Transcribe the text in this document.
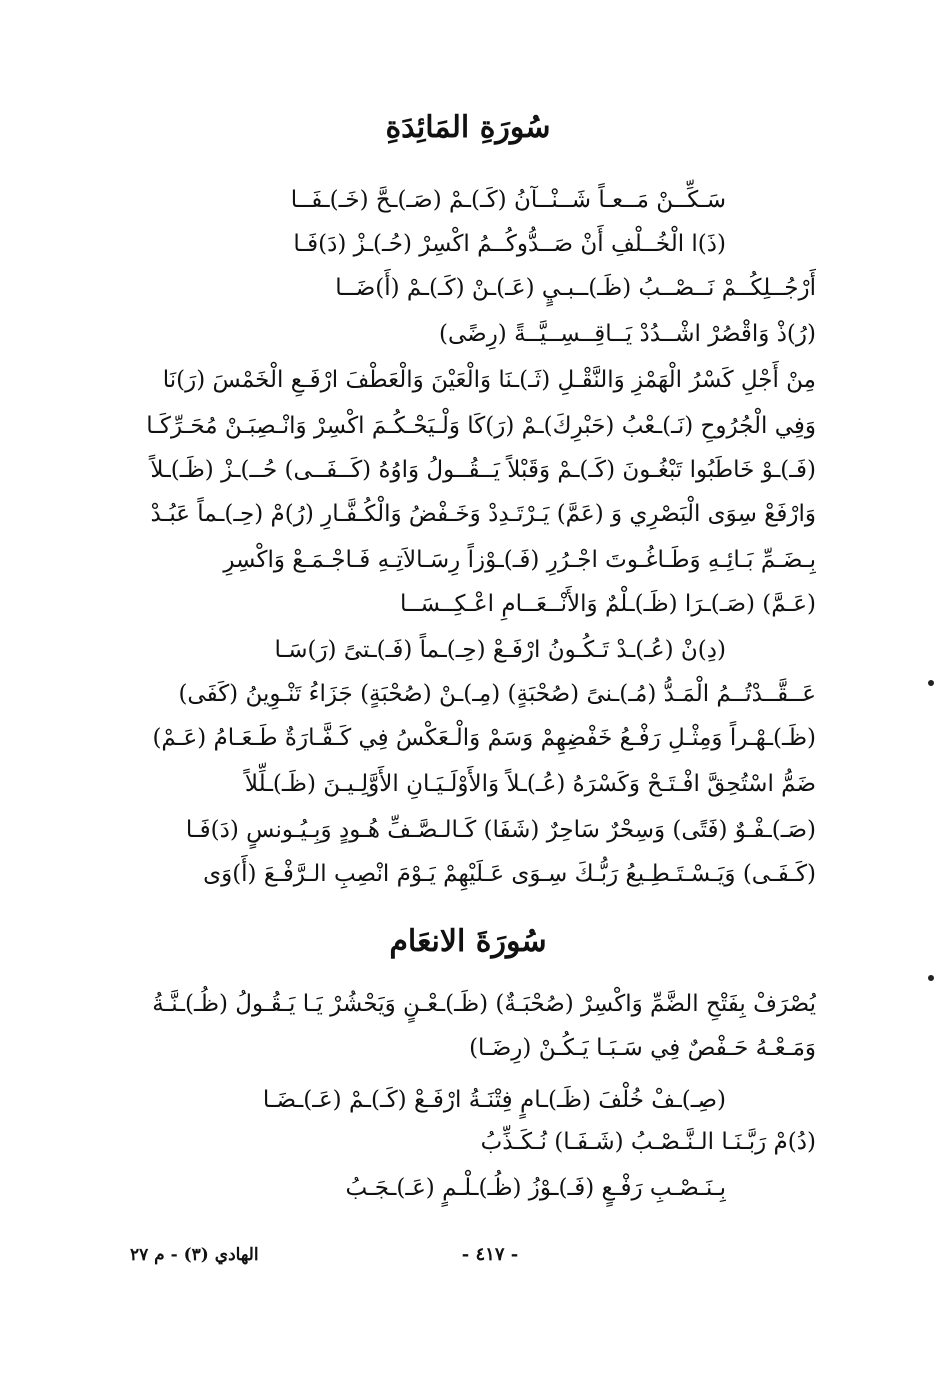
سُورَةِ المَائِدَةِ
سَـكِّــنْ مَــعـاً شَــنْــآنُ (كَـ)ـمْ (صَـ)ـحَّ (خَـ)ـفَــا
(ذَ)ا الْخُــلْفِ أَنْ صَــدُّوكُــمُ اكْسِرْ (حُـ)ـزْ (دَ)فَـا
أَرْجُــلِكُــمْ نَــصْــبُ (ظَـ)ــبـيٍ (عَـ)ـنْ (كَـ)ـمْ (أَ)ضَــا
(رُ)ذْ وَاقْصُرْ اشْــدُدْ يَــاقِــسِــيَّــةً (رِضًى)
مِنْ أَجْلِ كَسْرُ الْهَمْزِ وَالنَّقْـلِ (ثَـ)ـنَا وَالْعَيْنَ وَالْعَطْفَ ارْفَـعِ الْخَمْسَ (رَ)نَا
وَفِي الْجُرُوحِ (نَـ)ـعْبُ (حَبْرِكَ)ـمْ (رَ)كَا وَلْـيَحْـكُـمَ اكْسِرْ وَانْـصِبَـنْ مُحَـرِّكَـا
(فَـ)ـوْ خَاطَبُوا تَبْغُـونَ (كَـ)ـمْ وَقَبْلاً يَــقُــولُ وَاوُهُ (كَــفَــى) حُــ)ـزْ (ظَـ)ـلاً
وَارْفَعْ سِوَى الْبَصْرِي وَ (عَمَّ) يَـرْتَـدِدْ وَخَـفْضُ وَالْكُـفَّـارِ (رُ)مْ (حِـ)ـماً عَبُـدْ
بِـضَـمِّ بَـائِـهِ وَطَـاغُـوتَ اجْـرُرِ (فَـ)ـوْزاً رِسَـالاَتِـهِ فَـاجْـمَـعْ وَاكْسِرِ
(عَـمَّ) (صَـ)ـرَا (ظَـ)ـلْمٌ وَالأَنْــعَــامِ اعْـكِــسَــا
(دِ)نْ (عُـ)ـدْ تَـكُـونُ ارْفَـعْ (حِـ)ـماً (فَـ)ـتىً (رَ)سَـا
عَــقَّــدْتُــمُ الْمَـدُّ (مُـ)ـنىً (صُحْبَةٍ) (مِـ)ـنْ (صُحْبَةٍ) جَزَاءُ تَنْـوِينُ (كَفَى)
(ظَـ)ـهْـراً وَمِثْـلِ رَفْـعُ خَفْضِهِمْ وَسَمْ وَالْـعَكْسُ فِي كَـفَّـارَةٌ طَـعَـامُ (عَـمْ)
ضَمُّ اسْتُحِقَّ افْـتَـحْ وَكَسْرَهُ (عُـ)ـلاً وَالأَوْلَـيَـانِ الأَوَّلِـيـنَ (ظَـ)ـلِّلاً
(صَـ)ـفْـوٌ (فَتًى) وَسِحْرٌ سَاحِرٌ (شَفَا) كَـالـصَّـفِّ هُـودٍ وَبِـيُـونسٍ (دَ)فَـا
(كَـفَـى) وَيَـسْـتَـطِـيعُ رَبُّـكَ سِـوَى عَـلَيْهِمْ يَـوْمَ انْصِبِ الـرَّفْـعَ (أَ)وَى
سُورَةَ الانعَام
يُصْرَفْ بِفَتْحِ الضَّمِّ وَاكْسِرْ (صُحْبَـةٌ) (ظَـ)ـعْـنٍ وَيَحْشُرْ يَـا يَـقُـولُ (ظُـ)ـنَّـةُ
وَمَـعْـهُ حَـفْصٌ فِي سَـبَـا يَـكُـنْ (رِضَـا)
(صِـ)ـفْ خُلْفَ (ظَـ)ـامٍ فِتْنَـةُ ارْفَـعْ (كَـ)ـمْ (عَـ)ـضَـا
(دُ)مْ رَبَّـنَـا الـنَّـصْـبُ (شَـفَـا) نُـكَـذِّبُ
بِـنَـصْـبِ رَفْـعٍ (فَـ)ـوْزُ (ظُـ)ـلْـمٍ (عَـ)ـجَـبُ
- ٤١٧ -
الهادي (٣) - م ٢٧
